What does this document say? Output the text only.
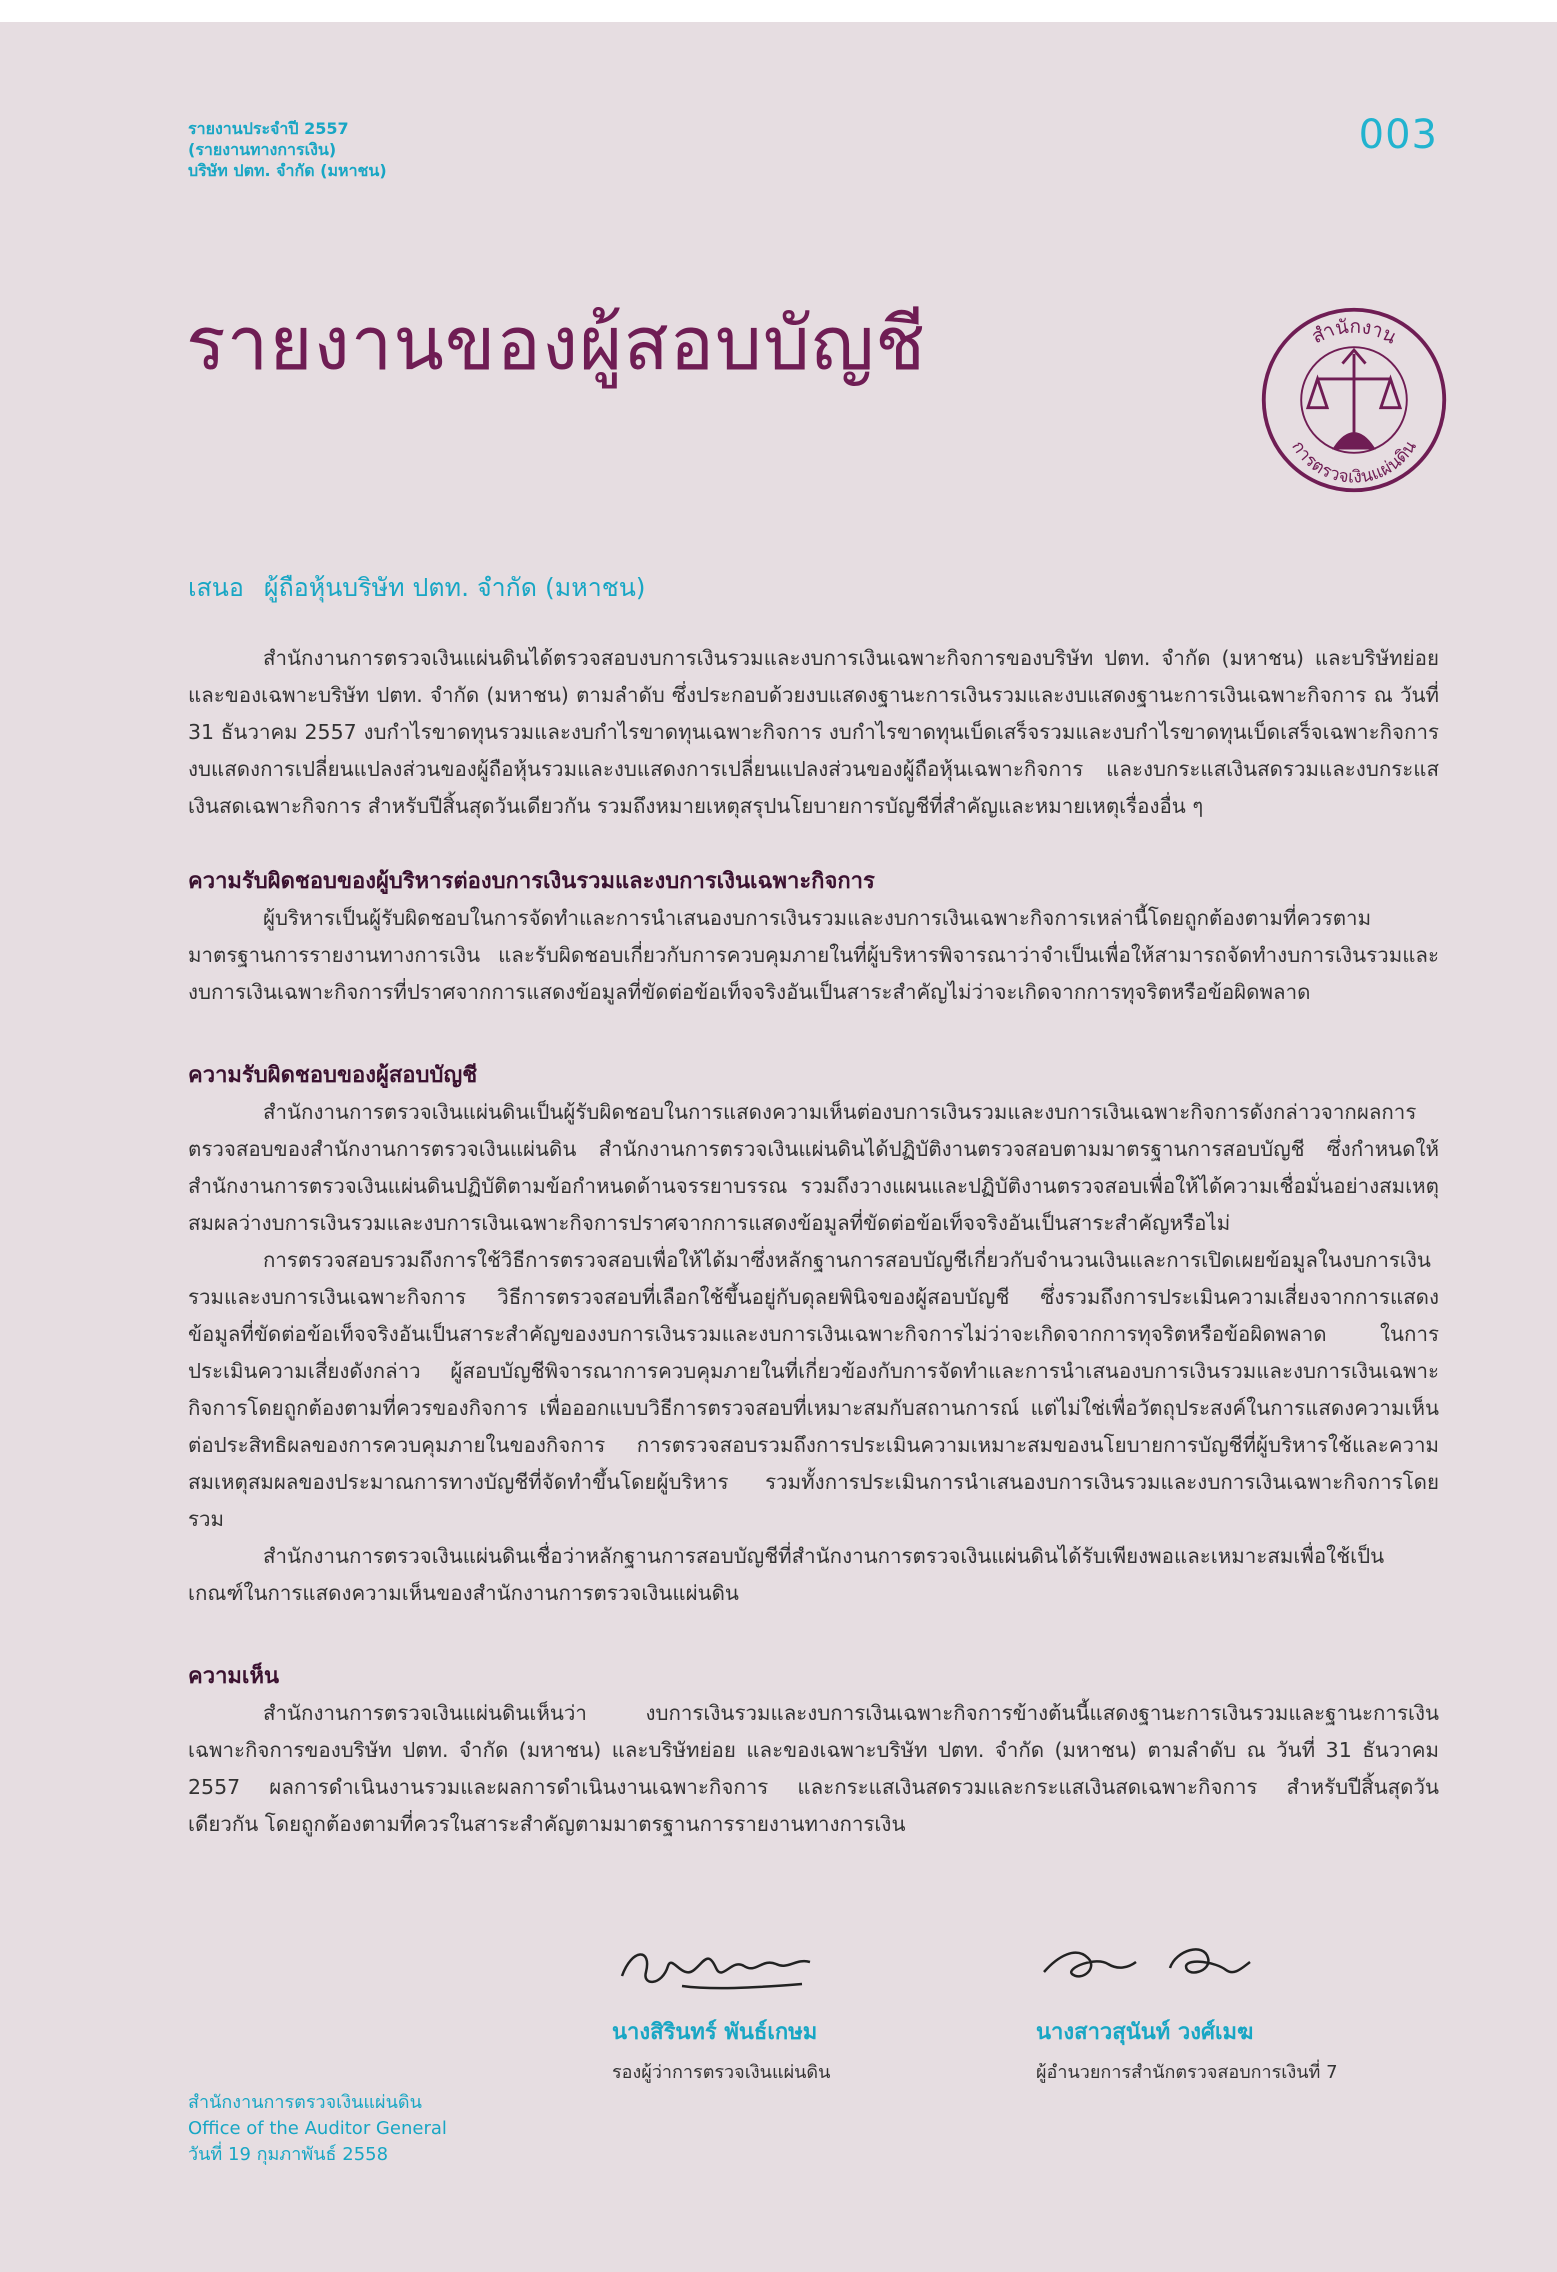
รายงานประจำปี 2557
(รายงานทางการเงิน)
บริษัท ปตท. จำกัด (มหาชน)
003
รายงานของผู้สอบบัญชี	สำนักงาน
การตรวจเงินแผ่นดิน
เสนอ ผู้ถือหุ้นบริษัท ปตท. จำกัด (มหาชน)

สำนักงานการตรวจเงินแผ่นดินได้ตรวจสอบงบการเงินรวมและงบการเงินเฉพาะกิจการของบริษัท ปตท. จำกัด (มหาชน) และบริษัทย่อย และของเฉพาะบริษัท ปตท. จำกัด (มหาชน) ตามลำดับ ซึ่งประกอบด้วยงบแสดงฐานะการเงินรวมและงบแสดงฐานะการเงินเฉพาะกิจการ ณ วันที่ 31 ธันวาคม 2557 งบกำไรขาดทุนรวมและงบกำไรขาดทุนเฉพาะกิจการ งบกำไรขาดทุนเบ็ดเสร็จรวมและงบกำไรขาดทุนเบ็ดเสร็จเฉพาะกิจการ งบแสดงการเปลี่ยนแปลงส่วนของผู้ถือหุ้นรวมและงบแสดงการเปลี่ยนแปลงส่วนของผู้ถือหุ้นเฉพาะกิจการ และงบกระแสเงินสดรวมและงบกระแสเงินสดเฉพาะกิจการ สำหรับปีสิ้นสุดวันเดียวกัน รวมถึงหมายเหตุสรุปนโยบายการบัญชีที่สำคัญและหมายเหตุเรื่องอื่น ๆ

ความรับผิดชอบของผู้บริหารต่องบการเงินรวมและงบการเงินเฉพาะกิจการ

ผู้บริหารเป็นผู้รับผิดชอบในการจัดทำและการนำเสนองบการเงินรวมและงบการเงินเฉพาะกิจการเหล่านี้โดยถูกต้องตามที่ควรตามมาตรฐานการรายงานทางการเงิน และรับผิดชอบเกี่ยวกับการควบคุมภายในที่ผู้บริหารพิจารณาว่าจำเป็นเพื่อให้สามารถจัดทำงบการเงินรวมและงบการเงินเฉพาะกิจการที่ปราศจากการแสดงข้อมูลที่ขัดต่อข้อเท็จจริงอันเป็นสาระสำคัญไม่ว่าจะเกิดจากการทุจริตหรือข้อผิดพลาด

ความรับผิดชอบของผู้สอบบัญชี

สำนักงานการตรวจเงินแผ่นดินเป็นผู้รับผิดชอบในการแสดงความเห็นต่องบการเงินรวมและงบการเงินเฉพาะกิจการดังกล่าวจากผลการตรวจสอบของสำนักงานการตรวจเงินแผ่นดิน สำนักงานการตรวจเงินแผ่นดินได้ปฏิบัติงานตรวจสอบตามมาตรฐานการสอบบัญชี ซึ่งกำหนดให้สำนักงานการตรวจเงินแผ่นดินปฏิบัติตามข้อกำหนดด้านจรรยาบรรณ รวมถึงวางแผนและปฏิบัติงานตรวจสอบเพื่อให้ได้ความเชื่อมั่นอย่างสมเหตุสมผลว่างบการเงินรวมและงบการเงินเฉพาะกิจการปราศจากการแสดงข้อมูลที่ขัดต่อข้อเท็จจริงอันเป็นสาระสำคัญหรือไม่

การตรวจสอบรวมถึงการใช้วิธีการตรวจสอบเพื่อให้ได้มาซึ่งหลักฐานการสอบบัญชีเกี่ยวกับจำนวนเงินและการเปิดเผยข้อมูลในงบการเงินรวมและงบการเงินเฉพาะกิจการ วิธีการตรวจสอบที่เลือกใช้ขึ้นอยู่กับดุลยพินิจของผู้สอบบัญชี ซึ่งรวมถึงการประเมินความเสี่ยงจากการแสดงข้อมูลที่ขัดต่อข้อเท็จจริงอันเป็นสาระสำคัญของงบการเงินรวมและงบการเงินเฉพาะกิจการไม่ว่าจะเกิดจากการทุจริตหรือข้อผิดพลาด ในการประเมินความเสี่ยงดังกล่าว ผู้สอบบัญชีพิจารณาการควบคุมภายในที่เกี่ยวข้องกับการจัดทำและการนำเสนองบการเงินรวมและงบการเงินเฉพาะกิจการโดยถูกต้องตามที่ควรของกิจการ เพื่อออกแบบวิธีการตรวจสอบที่เหมาะสมกับสถานการณ์ แต่ไม่ใช่เพื่อวัตถุประสงค์ในการแสดงความเห็นต่อประสิทธิผลของการควบคุมภายในของกิจการ การตรวจสอบรวมถึงการประเมินความเหมาะสมของนโยบายการบัญชีที่ผู้บริหารใช้และความสมเหตุสมผลของประมาณการทางบัญชีที่จัดทำขึ้นโดยผู้บริหาร รวมทั้งการประเมินการนำเสนองบการเงินรวมและงบการเงินเฉพาะกิจการโดยรวม

สำนักงานการตรวจเงินแผ่นดินเชื่อว่าหลักฐานการสอบบัญชีที่สำนักงานการตรวจเงินแผ่นดินได้รับเพียงพอและเหมาะสมเพื่อใช้เป็นเกณฑ์ในการแสดงความเห็นของสำนักงานการตรวจเงินแผ่นดิน

ความเห็น

สำนักงานการตรวจเงินแผ่นดินเห็นว่า งบการเงินรวมและงบการเงินเฉพาะกิจการข้างต้นนี้แสดงฐานะการเงินรวมและฐานะการเงินเฉพาะกิจการของบริษัท ปตท. จำกัด (มหาชน) และบริษัทย่อย และของเฉพาะบริษัท ปตท. จำกัด (มหาชน) ตามลำดับ ณ วันที่ 31 ธันวาคม 2557 ผลการดำเนินงานรวมและผลการดำเนินงานเฉพาะกิจการ และกระแสเงินสดรวมและกระแสเงินสดเฉพาะกิจการ สำหรับปีสิ้นสุดวันเดียวกัน โดยถูกต้องตามที่ควรในสาระสำคัญตามมาตรฐานการรายงานทางการเงิน

นางสิรินทร์ พันธ์เกษม
รองผู้ว่าการตรวจเงินแผ่นดิน
นางสาวสุนันท์ วงศ์เมฆ
ผู้อำนวยการสำนักตรวจสอบการเงินที่ 7
สำนักงานการตรวจเงินแผ่นดิน
Office of the Auditor General
วันที่ 19 กุมภาพันธ์ 2558
